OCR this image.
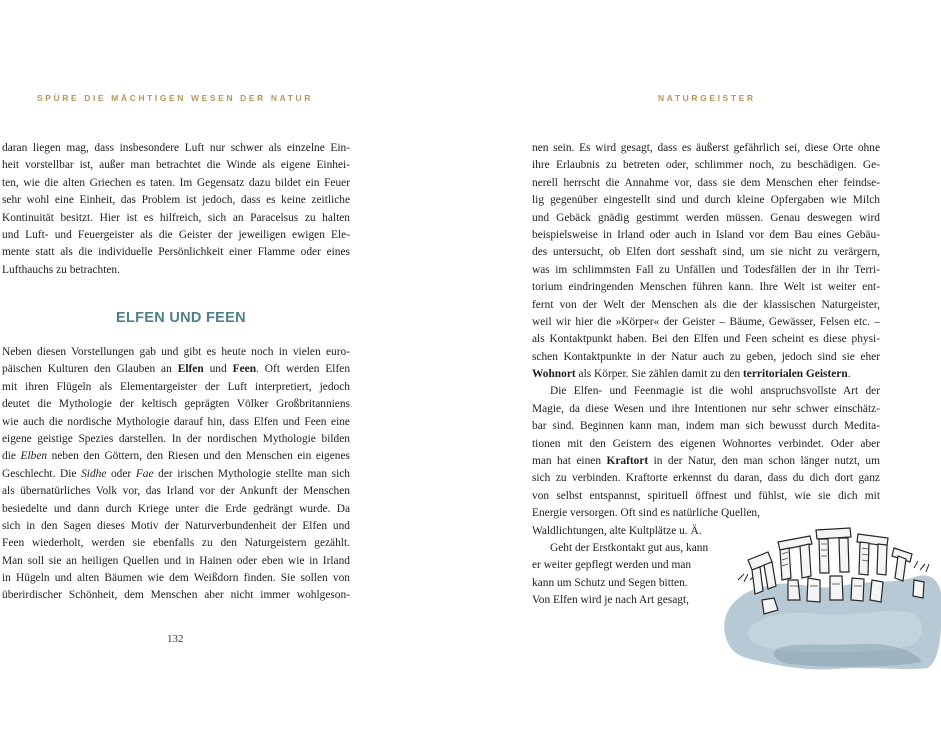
SPÜRE DIE MÄCHTIGEN WESEN DER NATUR
daran liegen mag, dass insbesondere Luft nur schwer als einzelne Ein-
heit vorstellbar ist, außer man betrachtet die Winde als eigene Einhei-
ten, wie die alten Griechen es taten. Im Gegensatz dazu bildet ein Feuer
sehr wohl eine Einheit, das Problem ist jedoch, dass es keine zeitliche
Kontinuität besitzt. Hier ist es hilfreich, sich an Paracelsus zu halten
und Luft- und Feuergeister als die Geister der jeweiligen ewigen Ele-
mente statt als die individuelle Persönlichkeit einer Flamme oder eines
Lufthauchs zu betrachten.
ELFEN UND FEEN
Neben diesen Vorstellungen gab und gibt es heute noch in vielen euro-
päischen Kulturen den Glauben an Elfen und Feen. Oft werden Elfen
mit ihren Flügeln als Elementargeister der Luft interpretiert, jedoch
deutet die Mythologie der keltisch geprägten Völker Großbritanniens
wie auch die nordische Mythologie darauf hin, dass Elfen und Feen eine
eigene geistige Spezies darstellen. In der nordischen Mythologie bilden
die Elben neben den Göttern, den Riesen und den Menschen ein eigenes
Geschlecht. Die Sidhe oder Fae der irischen Mythologie stellte man sich
als übernatürliches Volk vor, das Irland vor der Ankunft der Menschen
besiedelte und dann durch Kriege unter die Erde gedrängt wurde. Da
sich in den Sagen dieses Motiv der Naturverbundenheit der Elfen und
Feen wiederholt, werden sie ebenfalls zu den Naturgeistern gezählt.
Man soll sie an heiligen Quellen und in Hainen oder eben wie in Irland
in Hügeln und alten Bäumen wie dem Weißdorn finden. Sie sollen von
überirdischer Schönheit, dem Menschen aber nicht immer wohlgeson-
132
NATURGEISTER
nen sein. Es wird gesagt, dass es äußerst gefährlich sei, diese Orte ohne
ihre Erlaubnis zu betreten oder, schlimmer noch, zu beschädigen. Ge-
nerell herrscht die Annahme vor, dass sie dem Menschen eher feindse-
lig gegenüber eingestellt sind und durch kleine Opfergaben wie Milch
und Gebäck gnädig gestimmt werden müssen. Genau deswegen wird
beispielsweise in Irland oder auch in Island vor dem Bau eines Gebäu-
des untersucht, ob Elfen dort sesshaft sind, um sie nicht zu verärgern,
was im schlimmsten Fall zu Unfällen und Todesfällen der in ihr Terri-
torium eindringenden Menschen führen kann. Ihre Welt ist weiter ent-
fernt von der Welt der Menschen als die der klassischen Naturgeister,
weil wir hier die »Körper« der Geister – Bäume, Gewässer, Felsen etc. –
als Kontaktpunkt haben. Bei den Elfen und Feen scheint es diese physi-
schen Kontaktpunkte in der Natur auch zu geben, jedoch sind sie eher
Wohnort als Körper. Sie zählen damit zu den territorialen Geistern.
Die Elfen- und Feenmagie ist die wohl anspruchsvollste Art der
Magie, da diese Wesen und ihre Intentionen nur sehr schwer einschätz-
bar sind. Beginnen kann man, indem man sich bewusst durch Medita-
tionen mit den Geistern des eigenen Wohnortes verbindet. Oder aber
man hat einen Kraftort in der Natur, den man schon länger nutzt, um
sich zu verbinden. Kraftorte erkennst du daran, dass du dich dort ganz
von selbst entspannst, spirituell öffnest und fühlst, wie sie dich mit
Energie versorgen. Oft sind es natürliche Quellen,
Waldlichtungen, alte Kultplätze u. Ä.
Geht der Erstkontakt gut aus, kann
er weiter gepflegt werden und man
kann um Schutz und Segen bitten.
Von Elfen wird je nach Art gesagt,
